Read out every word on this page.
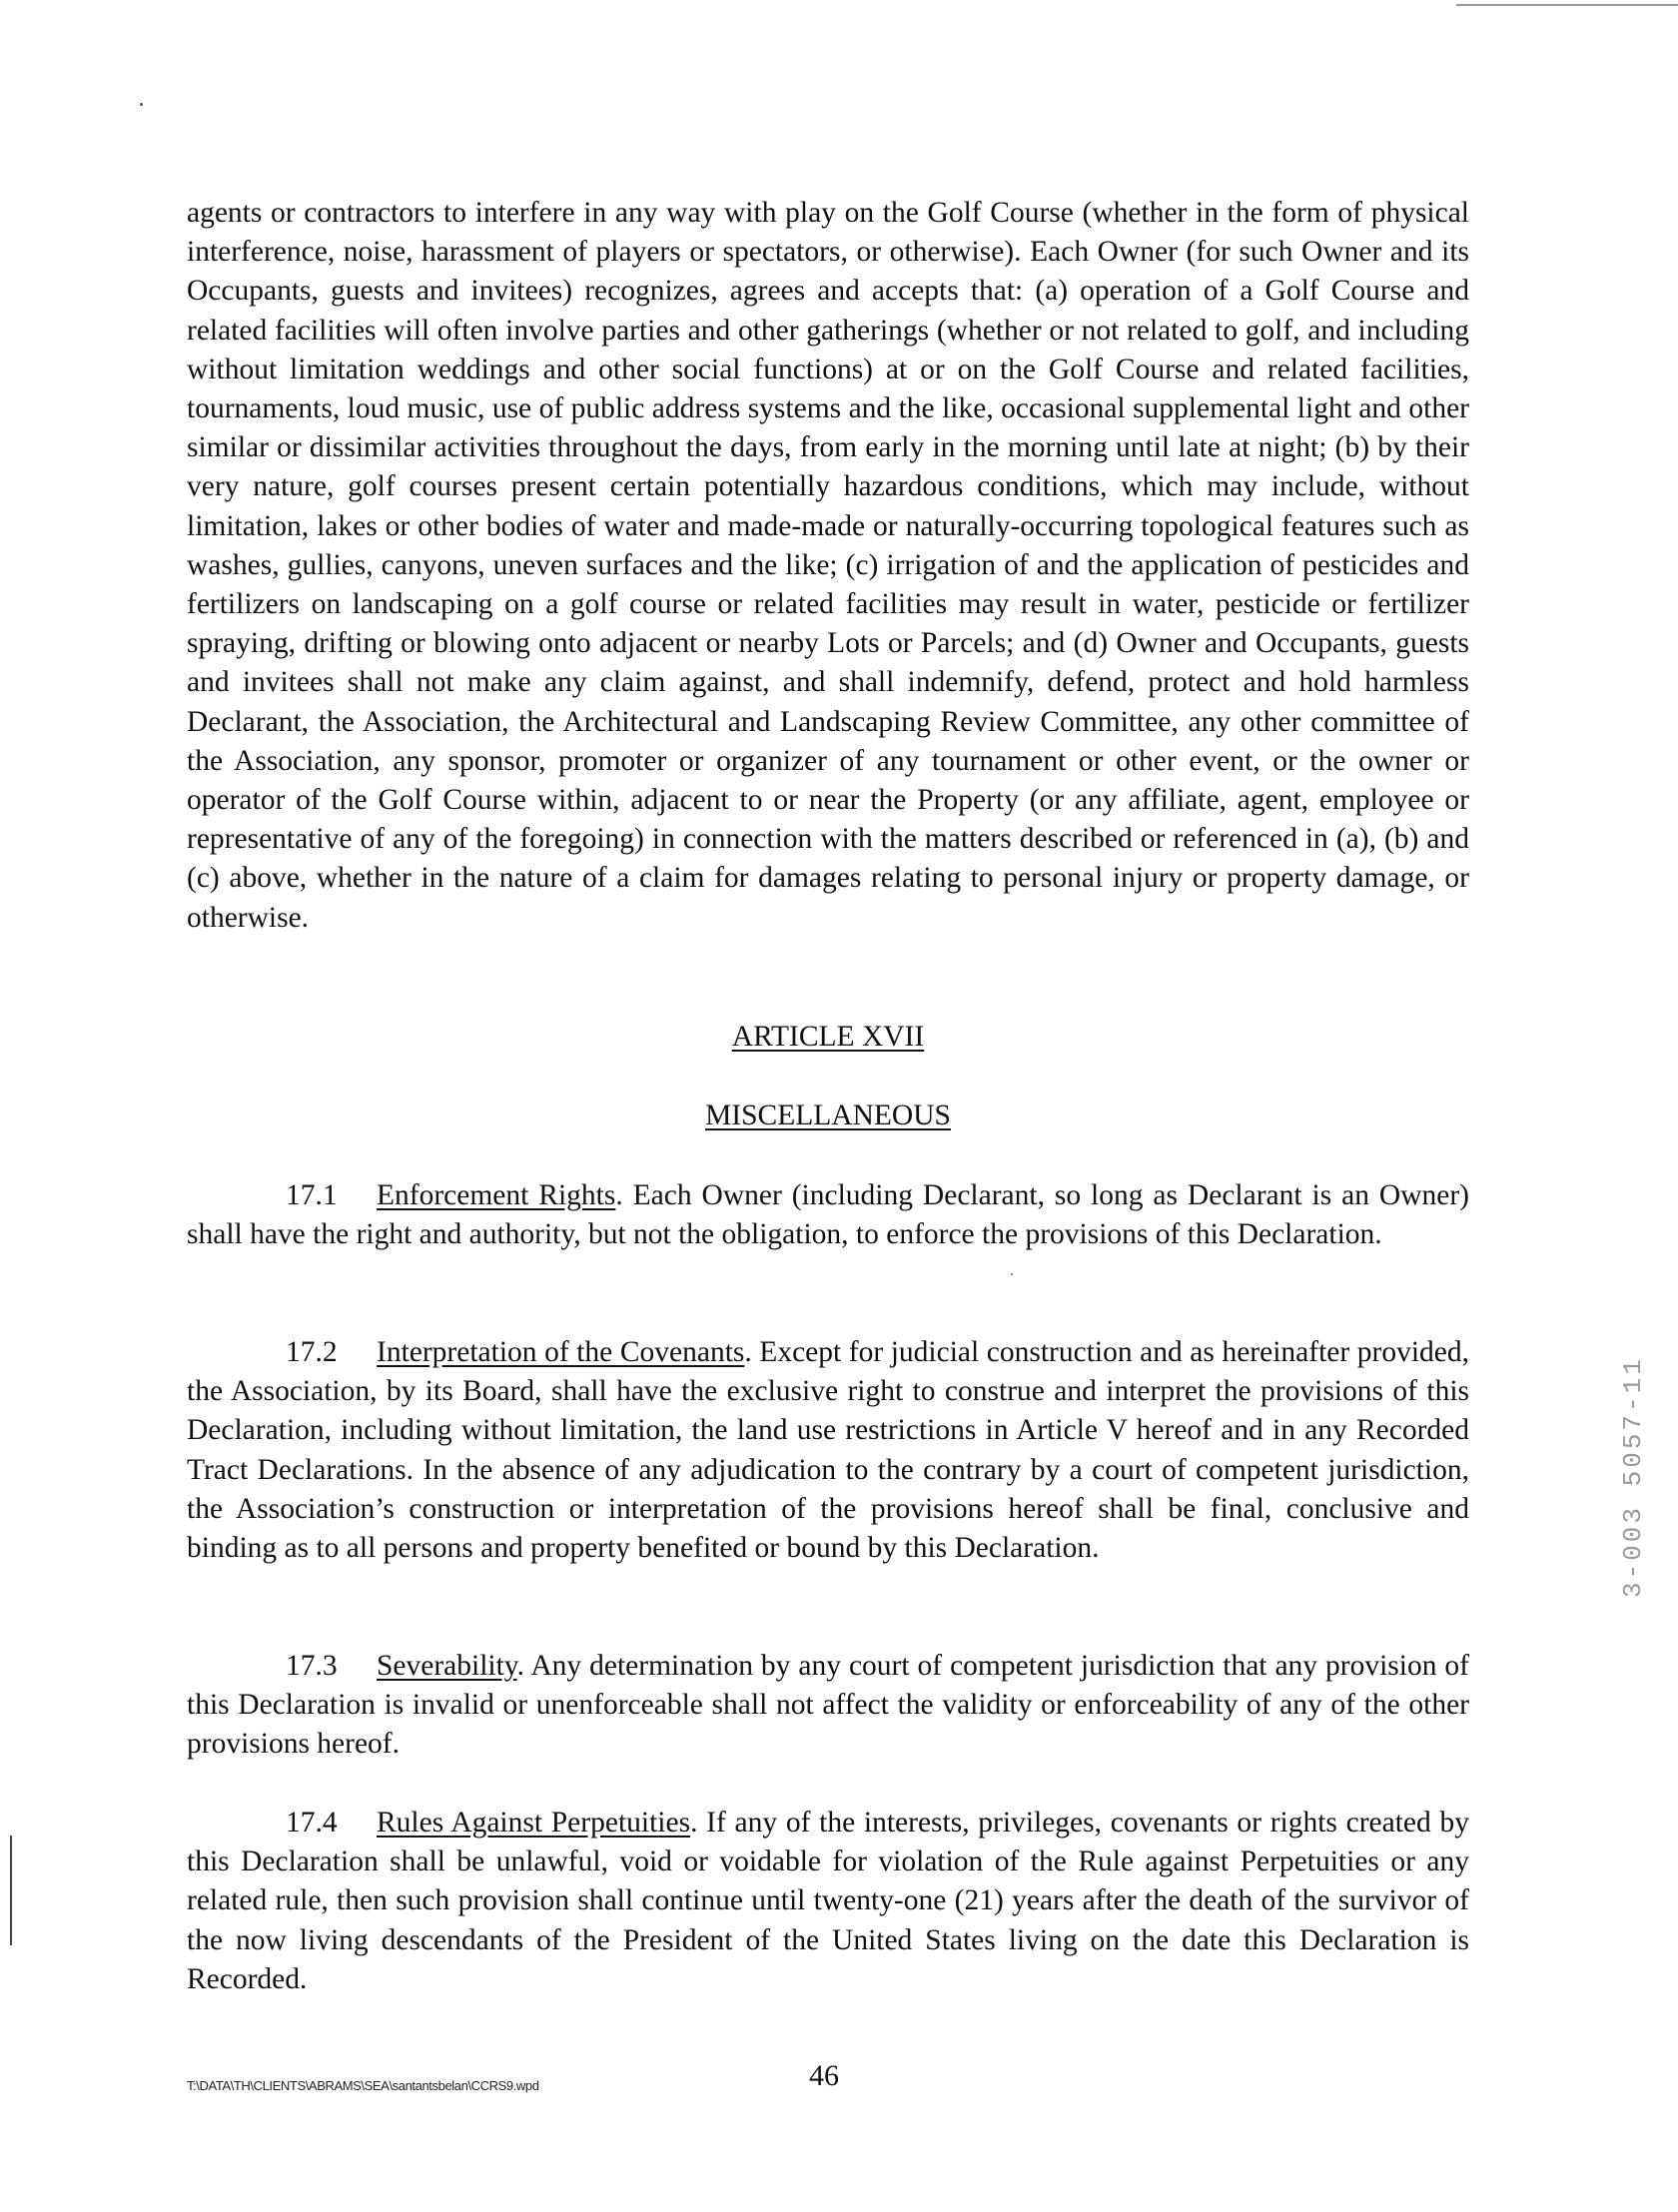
agents or contractors to interfere in any way with play on the Golf Course (whether in the form of physical interference, noise, harassment of players or spectators, or otherwise). Each Owner (for such Owner and its Occupants, guests and invitees) recognizes, agrees and accepts that: (a) operation of a Golf Course and related facilities will often involve parties and other gatherings (whether or not related to golf, and including without limitation weddings and other social functions) at or on the Golf Course and related facilities, tournaments, loud music, use of public address systems and the like, occasional supplemental light and other similar or dissimilar activities throughout the days, from early in the morning until late at night; (b) by their very nature, golf courses present certain potentially hazardous conditions, which may include, without limitation, lakes or other bodies of water and made-made or naturally-occurring topological features such as washes, gullies, canyons, uneven surfaces and the like; (c) irrigation of and the application of pesticides and fertilizers on landscaping on a golf course or related facilities may result in water, pesticide or fertilizer spraying, drifting or blowing onto adjacent or nearby Lots or Parcels; and (d) Owner and Occupants, guests and invitees shall not make any claim against, and shall indemnify, defend, protect and hold harmless Declarant, the Association, the Architectural and Landscaping Review Committee, any other committee of the Association, any sponsor, promoter or organizer of any tournament or other event, or the owner or operator of the Golf Course within, adjacent to or near the Property (or any affiliate, agent, employee or representative of any of the foregoing) in connection with the matters described or referenced in (a), (b) and (c) above, whether in the nature of a claim for damages relating to personal injury or property damage, or otherwise.

ARTICLE XVII

MISCELLANEOUS

17.1 Enforcement Rights. Each Owner (including Declarant, so long as Declarant is an Owner) shall have the right and authority, but not the obligation, to enforce the provisions of this Declaration.

17.2 Interpretation of the Covenants. Except for judicial construction and as hereinafter provided, the Association, by its Board, shall have the exclusive right to construe and interpret the provisions of this Declaration, including without limitation, the land use restrictions in Article V hereof and in any Recorded Tract Declarations. In the absence of any adjudication to the contrary by a court of competent jurisdiction, the Association’s construction or interpretation of the provisions hereof shall be final, conclusive and binding as to all persons and property benefited or bound by this Declaration.

17.3 Severability. Any determination by any court of competent jurisdiction that any provision of this Declaration is invalid or unenforceable shall not affect the validity or enforceability of any of the other provisions hereof.

17.4 Rules Against Perpetuities. If any of the interests, privileges, covenants or rights created by this Declaration shall be unlawful, void or voidable for violation of the Rule against Perpetuities or any related rule, then such provision shall continue until twenty-one (21) years after the death of the survivor of the now living descendants of the President of the United States living on the date this Declaration is Recorded.

T:\DATA\TH\CLIENTS\ABRAMS\SEA\santantsbelan\CCRS9.wpd	46
3-003 5057-11
